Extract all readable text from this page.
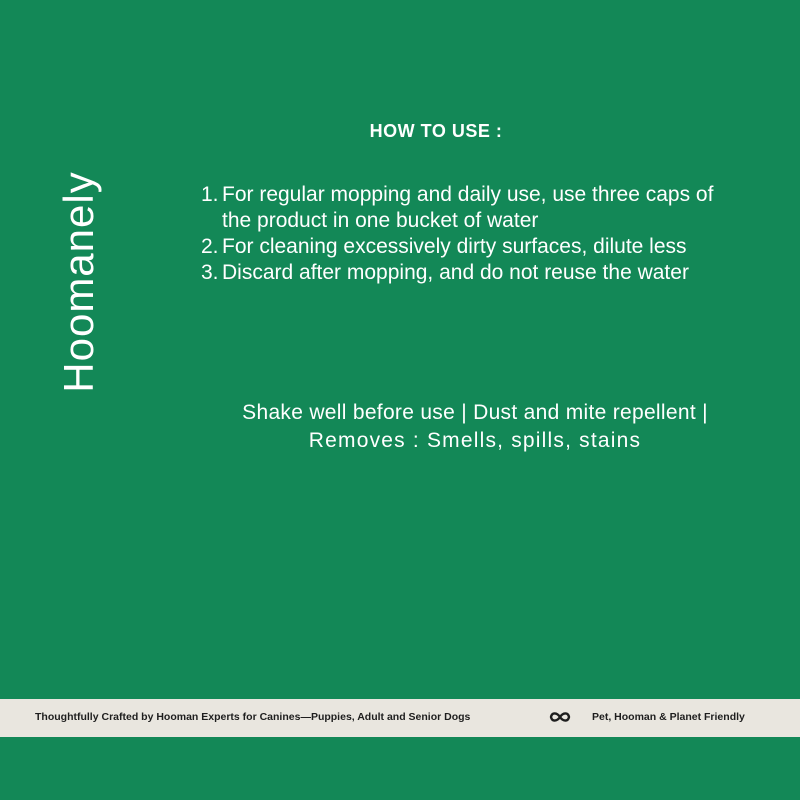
Hoomanely
HOW TO USE :
1. For regular mopping and daily use, use three caps of the product in one bucket of water
2. For cleaning excessively dirty surfaces, dilute less
3. Discard after mopping, and do not reuse the water
Shake well before use | Dust and mite repellent |
Removes : Smells, spills, stains
Thoughtfully Crafted by Hooman Experts for Canines—Puppies, Adult and Senior Dogs	Pet, Hooman & Planet Friendly
